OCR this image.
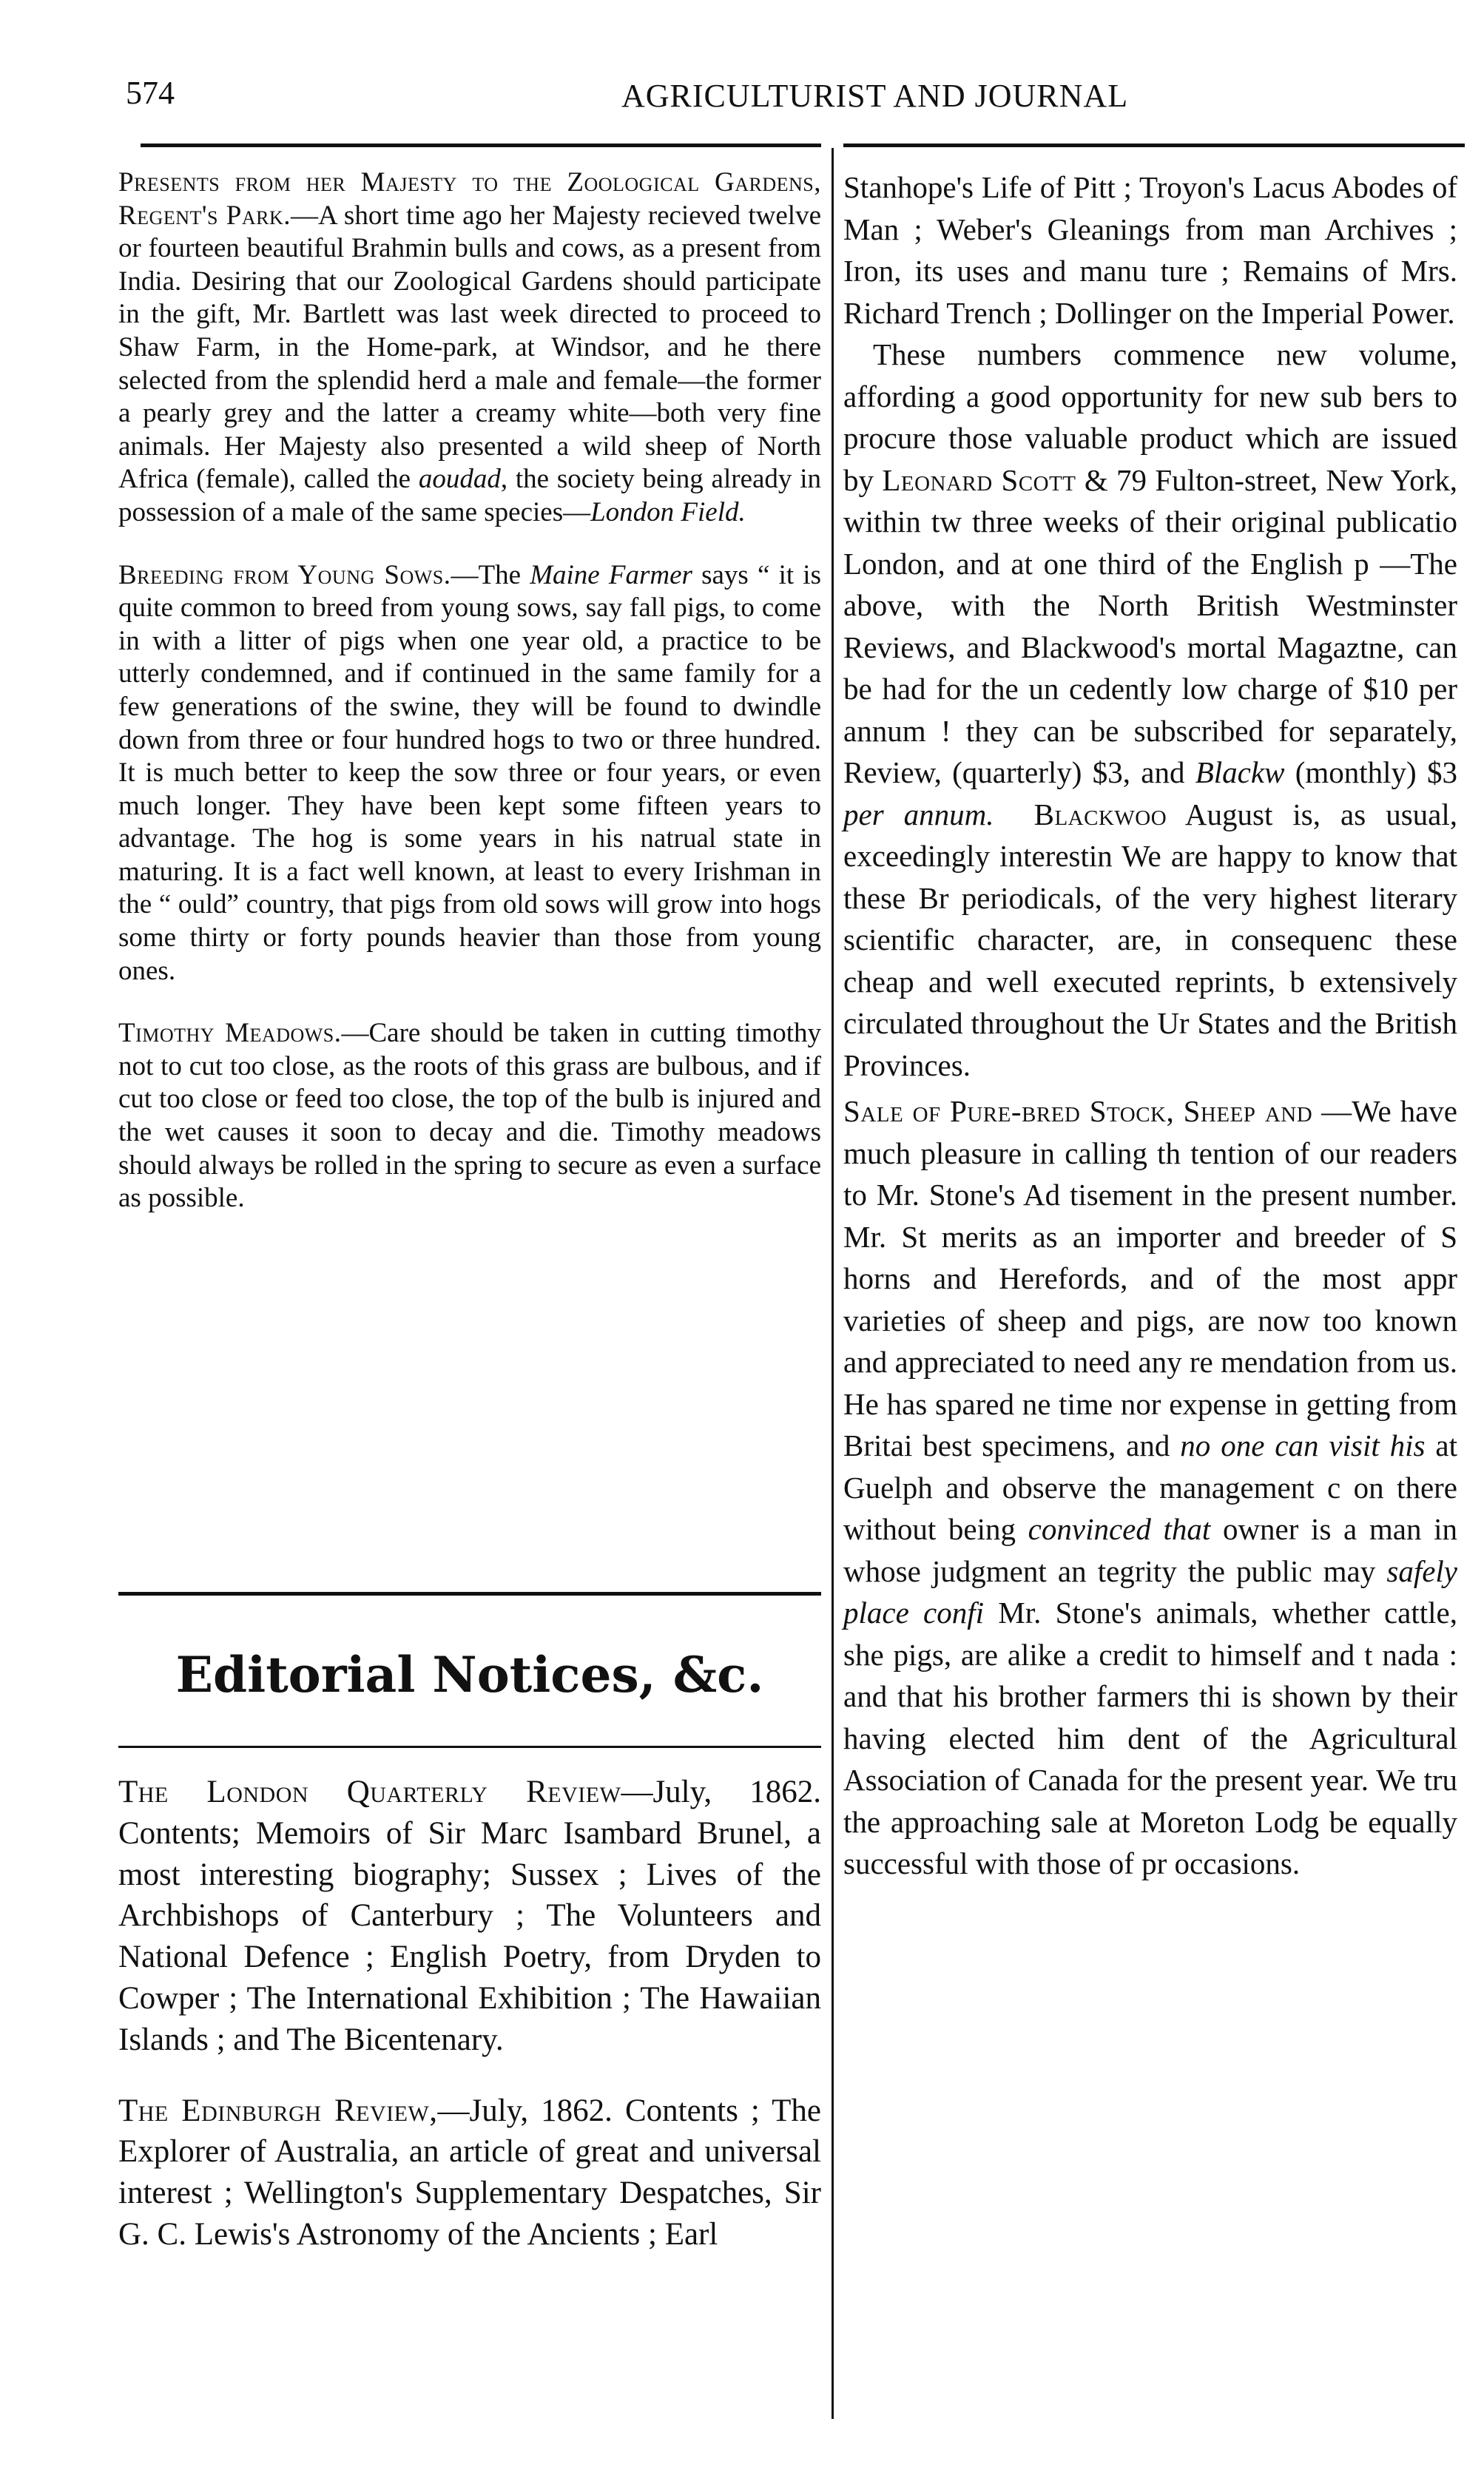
574	AGRICULTURIST AND JOURNAL

Presents from her Majesty to the Zoological Gardens, Regent's Park.—A short time ago her Majesty recieved twelve or fourteen beautiful Brahmin bulls and cows, as a present from India. Desiring that our Zoological Gardens should participate in the gift, Mr. Bartlett was last week directed to proceed to Shaw Farm, in the Home-park, at Windsor, and he there selected from the splendid herd a male and female—the former a pearly grey and the latter a creamy white—both very fine animals. Her Majesty also presented a wild sheep of North Africa (female), called the aoudad, the society being already in possession of a male of the same species—London Field.

Breeding from Young Sows.—The Maine Farmer says “ it is quite common to breed from young sows, say fall pigs, to come in with a litter of pigs when one year old, a practice to be utterly condemned, and if continued in the same family for a few generations of the swine, they will be found to dwindle down from three or four hundred hogs to two or three hundred. It is much better to keep the sow three or four years, or even much longer. They have been kept some fifteen years to advantage. The hog is some years in his natrual state in maturing. It is a fact well known, at least to every Irishman in the “ ould” country, that pigs from old sows will grow into hogs some thirty or forty pounds heavier than those from young ones.

Timothy Meadows.—Care should be taken in cutting timothy not to cut too close, as the roots of this grass are bulbous, and if cut too close or feed too close, the top of the bulb is injured and the wet causes it soon to decay and die. Timothy meadows should always be rolled in the spring to secure as even a surface as possible.

Editorial Notices, &c.

The London Quarterly Review—July, 1862. Contents; Memoirs of Sir Marc Isambard Brunel, a most interesting biography; Sussex ; Lives of the Archbishops of Canterbury ; The Volunteers and National Defence ; English Poetry, from Dryden to Cowper ; The International Exhibition ; The Hawaiian Islands ; and The Bicentenary.

The Edinburgh Review,—July, 1862. Contents ; The Explorer of Australia, an article of great and universal interest ; Wellington's Supplementary Despatches, Sir G. C. Lewis's Astronomy of the Ancients ; Earl

Stanhope's Life of Pitt ; Troyon's Lacus Abodes of Man ; Weber's Gleanings from man Archives ; Iron, its uses and manu ture ; Remains of Mrs. Richard Trench ; Dollinger on the Imperial Power.

These numbers commence new volume, affording a good opportunity for new sub bers to procure those valuable product which are issued by Leonard Scott & 79 Fulton-street, New York, within tw three weeks of their original publicatio London, and at one third of the English p —The above, with the North British Westminster Reviews, and Blackwood's mortal Magaztne, can be had for the un cedently low charge of $10 per annum ! they can be subscribed for separately, Review, (quarterly) $3, and Blackw (monthly) $3 per annum. Blackwoo August is, as usual, exceedingly interestin We are happy to know that these Br periodicals, of the very highest literary scientific character, are, in consequenc these cheap and well executed reprints, b extensively circulated throughout the Ur States and the British Provinces.

Sale of Pure-bred Stock, Sheep and —We have much pleasure in calling th tention of our readers to Mr. Stone's Ad tisement in the present number. Mr. St merits as an importer and breeder of S horns and Herefords, and of the most appr varieties of sheep and pigs, are now too known and appreciated to need any re mendation from us. He has spared ne time nor expense in getting from Britai best specimens, and no one can visit his at Guelph and observe the management c on there without being convinced that owner is a man in whose judgment an tegrity the public may safely place confi Mr. Stone's animals, whether cattle, she pigs, are alike a credit to himself and t nada : and that his brother farmers thi is shown by their having elected him dent of the Agricultural Association of Canada for the present year. We tru the approaching sale at Moreton Lodg be equally successful with those of pr occasions.
